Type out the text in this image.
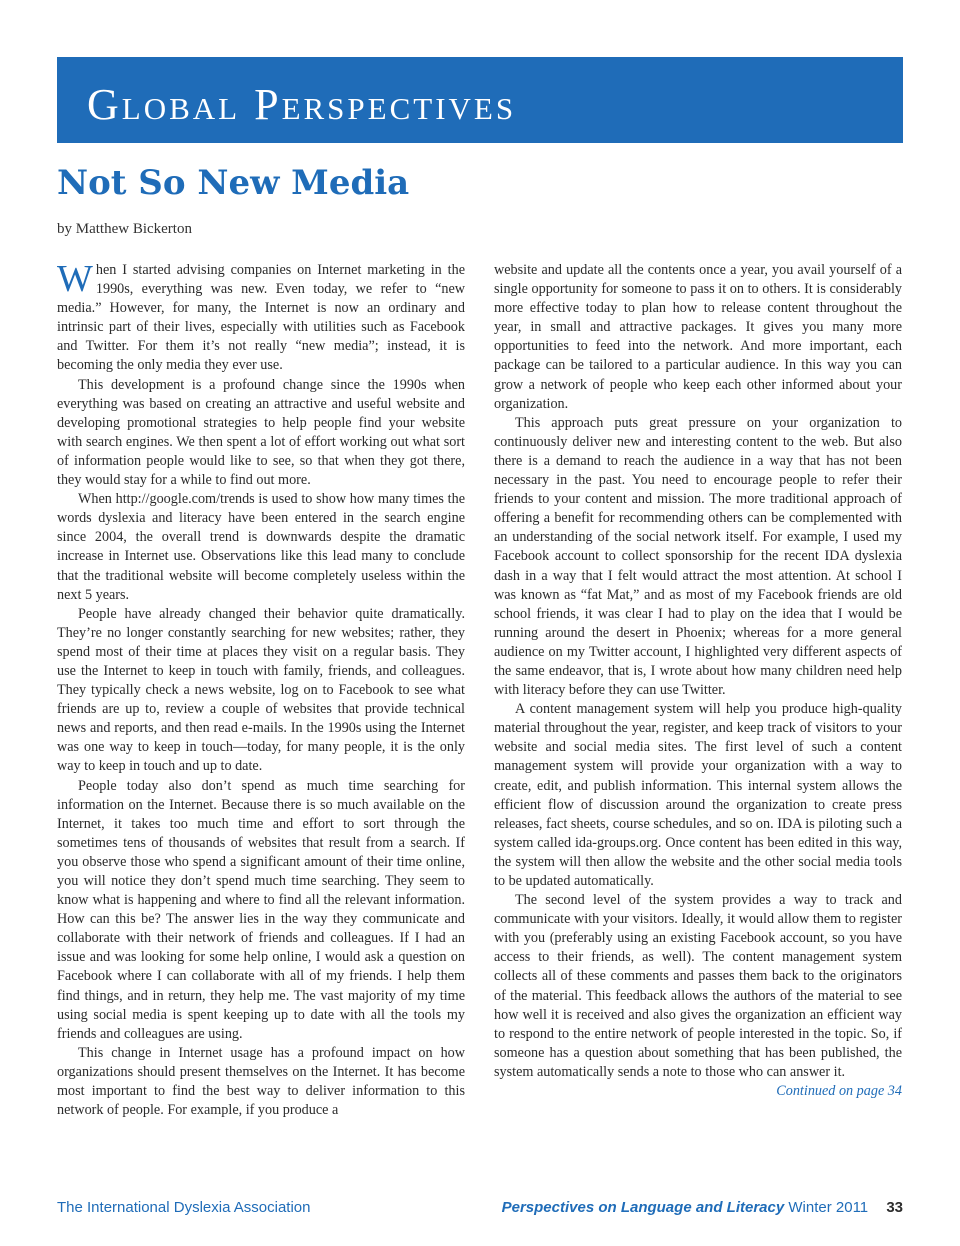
Global Perspectives
Not So New Media
by Matthew Bickerton

When I started advising companies on Internet marketing in the 1990s, everything was new. Even today, we refer to “new media.” However, for many, the Internet is now an ordinary and intrinsic part of their lives, especially with utilities such as Facebook and Twitter. For them it’s not really “new media”; instead, it is becoming the only media they ever use.

This development is a profound change since the 1990s when everything was based on creating an attractive and useful website and developing promotional strategies to help people find your website with search engines. We then spent a lot of effort working out what sort of information people would like to see, so that when they got there, they would stay for a while to find out more.

When http://google.com/trends is used to show how many times the words dyslexia and literacy have been entered in the search engine since 2004, the overall trend is downwards despite the dramatic increase in Internet use. Observations like this lead many to conclude that the traditional website will become completely useless within the next 5 years.

People have already changed their behavior quite dramatically. They’re no longer constantly searching for new websites; rather, they spend most of their time at places they visit on a regular basis. They use the Internet to keep in touch with family, friends, and colleagues. They typically check a news website, log on to Facebook to see what friends are up to, review a couple of websites that provide technical news and reports, and then read e-mails. In the 1990s using the Internet was one way to keep in touch—today, for many people, it is the only way to keep in touch and up to date.

People today also don’t spend as much time searching for information on the Internet. Because there is so much available on the Internet, it takes too much time and effort to sort through the sometimes tens of thousands of websites that result from a search. If you observe those who spend a significant amount of their time online, you will notice they don’t spend much time searching. They seem to know what is happening and where to find all the relevant information. How can this be? The answer lies in the way they communicate and collaborate with their network of friends and colleagues. If I had an issue and was looking for some help online, I would ask a question on Facebook where I can collaborate with all of my friends. I help them find things, and in return, they help me. The vast majority of my time using social media is spent keeping up to date with all the tools my friends and colleagues are using.

This change in Internet usage has a profound impact on how organizations should present themselves on the Internet. It has become most important to find the best way to deliver information to this network of people. For example, if you produce a

website and update all the contents once a year, you avail yourself of a single opportunity for someone to pass it on to others. It is considerably more effective today to plan how to release content throughout the year, in small and attractive packages. It gives you many more opportunities to feed into the network. And more important, each package can be tailored to a particular audience. In this way you can grow a network of people who keep each other informed about your organization.

This approach puts great pressure on your organization to continuously deliver new and interesting content to the web. But also there is a demand to reach the audience in a way that has not been necessary in the past. You need to encourage people to refer their friends to your content and mission. The more traditional approach of offering a benefit for recommending others can be complemented with an understanding of the social network itself. For example, I used my Facebook account to collect sponsorship for the recent IDA dyslexia dash in a way that I felt would attract the most attention. At school I was known as “fat Mat,” and as most of my Facebook friends are old school friends, it was clear I had to play on the idea that I would be running around the desert in Phoenix; whereas for a more general audience on my Twitter account, I highlighted very different aspects of the same endeavor, that is, I wrote about how many children need help with literacy before they can use Twitter.

A content management system will help you produce high-quality material throughout the year, register, and keep track of visitors to your website and social media sites. The first level of such a content management system will provide your organization with a way to create, edit, and publish information. This internal system allows the efficient flow of discussion around the organization to create press releases, fact sheets, course schedules, and so on. IDA is piloting such a system called ida-groups.org. Once content has been edited in this way, the system will then allow the website and the other social media tools to be updated automatically.

The second level of the system provides a way to track and communicate with your visitors. Ideally, it would allow them to register with you (preferably using an existing Facebook account, so you have access to their friends, as well). The content management system collects all of these comments and passes them back to the originators of the material. This feedback allows the authors of the material to see how well it is received and also gives the organization an efficient way to respond to the entire network of people interested in the topic. So, if someone has a question about something that has been published, the system automatically sends a note to those who can answer it.

Continued on page 34

The International Dyslexia Association	Perspectives on Language and Literacy Winter 2011 33
